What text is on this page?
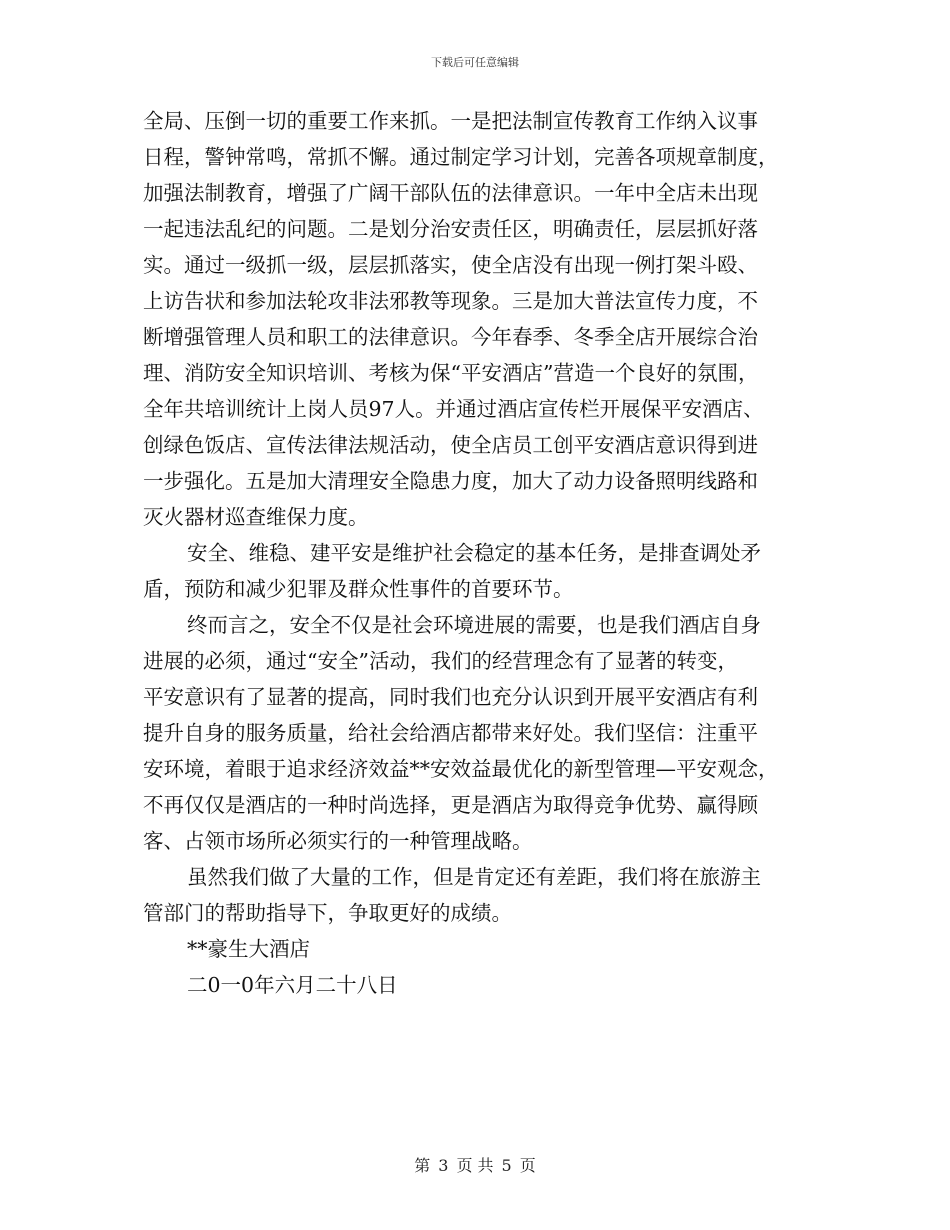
下载后可任意编辑
全局、压倒一切的重要工作来抓。一是把法制宣传教育工作纳入议事
日程，警钟常鸣，常抓不懈。通过制定学习计划，完善各项规章制度，
加强法制教育，增强了广阔干部队伍的法律意识。一年中全店未出现
一起违法乱纪的问题。二是划分治安责任区，明确责任，层层抓好落
实。通过一级抓一级，层层抓落实，使全店没有出现一例打架斗殴、
上访告状和参加法轮攻非法邪教等现象。三是加大普法宣传力度，不
断增强管理人员和职工的法律意识。今年春季、冬季全店开展综合治
理、消防安全知识培训、考核为保“平安酒店”营造一个良好的氛围，
全年共培训统计上岗人员97人。并通过酒店宣传栏开展保平安酒店、
创绿色饭店、宣传法律法规活动，使全店员工创平安酒店意识得到进
一步强化。五是加大清理安全隐患力度，加大了动力设备照明线路和
灭火器材巡查维保力度。
安全、维稳、建平安是维护社会稳定的基本任务，是排查调处矛
盾，预防和减少犯罪及群众性事件的首要环节。
终而言之，安全不仅是社会环境进展的需要，也是我们酒店自身
进展的必须，通过“安全”活动，我们的经营理念有了显著的转变，
平安意识有了显著的提高，同时我们也充分认识到开展平安酒店有利
提升自身的服务质量，给社会给酒店都带来好处。我们坚信：注重平
安环境，着眼于追求经济效益**安效益最优化的新型管理—平安观念，
不再仅仅是酒店的一种时尚选择，更是酒店为取得竞争优势、赢得顾
客、占领市场所必须实行的一种管理战略。
虽然我们做了大量的工作，但是肯定还有差距，我们将在旅游主
管部门的帮助指导下，争取更好的成绩。
**豪生大酒店
二0一0年六月二十八日
第 3 页 共 5 页
